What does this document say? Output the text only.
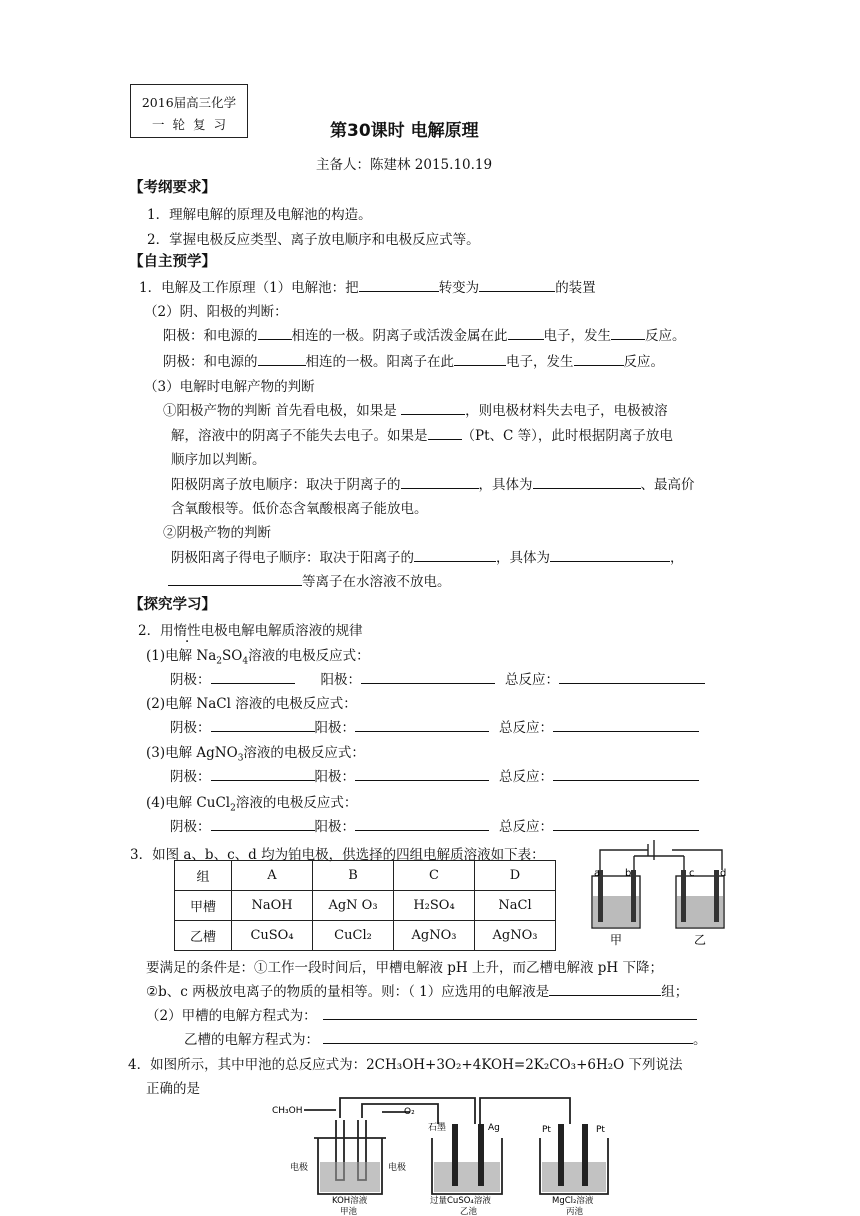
2016届高三化学
一 轮 复 习	第30课时 电解原理
主备人：陈建林 2015.10.19
【考纲要求】
1．理解电解的原理及电解池的构造。
2．掌握电极反应类型、离子放电顺序和电极反应式等。
【自主预学】
1．电解及工作原理（1）电解池：把	转变为	的装置
（2）阴、阳极的判断：
阳极：和电源的	相连的一极。阴离子或活泼金属在此	电子，发生	反应。
阴极：和电源的	相连的一极。阳离子在此	电子，发生	反应。
（3）电解时电解产物的判断
①阳极产物的判断 首先看电极，如果是	，则电极材料失去电子，电极被溶
解，溶液中的阴离子不能失去电子。如果是	（Pt、C 等），此时根据阴离子放电
顺序加以判断。
阳极阴离子放电顺序：取决于阴离子的	，具体为	、最高价
含氧酸根等。低价态含氧酸根离子能放电。
②阴极产物的判断
阴极阳离子得电子顺序：取决于阳离子的	，具体为	，
等离子在水溶液不放电。
【探究学习】
2．用惰性电极电解电解质溶液的规律
(1)电解 $Na_2SO_4$溶液的电极反应式：
阴极：	阳极：	总反应：
(2)电解 NaCl 溶液的电极反应式：
阴极：	阳极：	总反应：
(3)电解 AgNO$_3$溶液的电极反应式：
阴极：	阳极：	总反应：
(4)电解 CuCl$_2$溶液的电极反应式：
阴极：	阳极：	总反应：
3．如图 a、b、c、d 均为铂电极，供选择的四组电解质溶液如下表：
组	A	B	C	D
甲槽	NaOH	AgN O₃	H₂SO₄	NaCl
乙槽	CuSO₄	CuCl₂	AgNO₃	AgNO₃
a b	c	d
甲	乙
要满足的条件是：①工作一段时间后，甲槽电解液 pH 上升，而乙槽电解液 pH 下降；
②b、c 两极放电离子的物质的量相等。则：（ 1）应选用的电解液是	组；
（2）甲槽的电解方程式为：
乙槽的电解方程式为：	。
4．如图所示，其中甲池的总反应式为：2CH₃OH+3O₂+4KOH=2K₂CO₃+6H₂O 下列说法
正确的是
CH₃OH	O₂
石墨	Ag	Pt	Pt
电极	电极
KOH溶液
甲池
过量CuSO₄溶液
乙池
MgCl₂溶液
丙池
